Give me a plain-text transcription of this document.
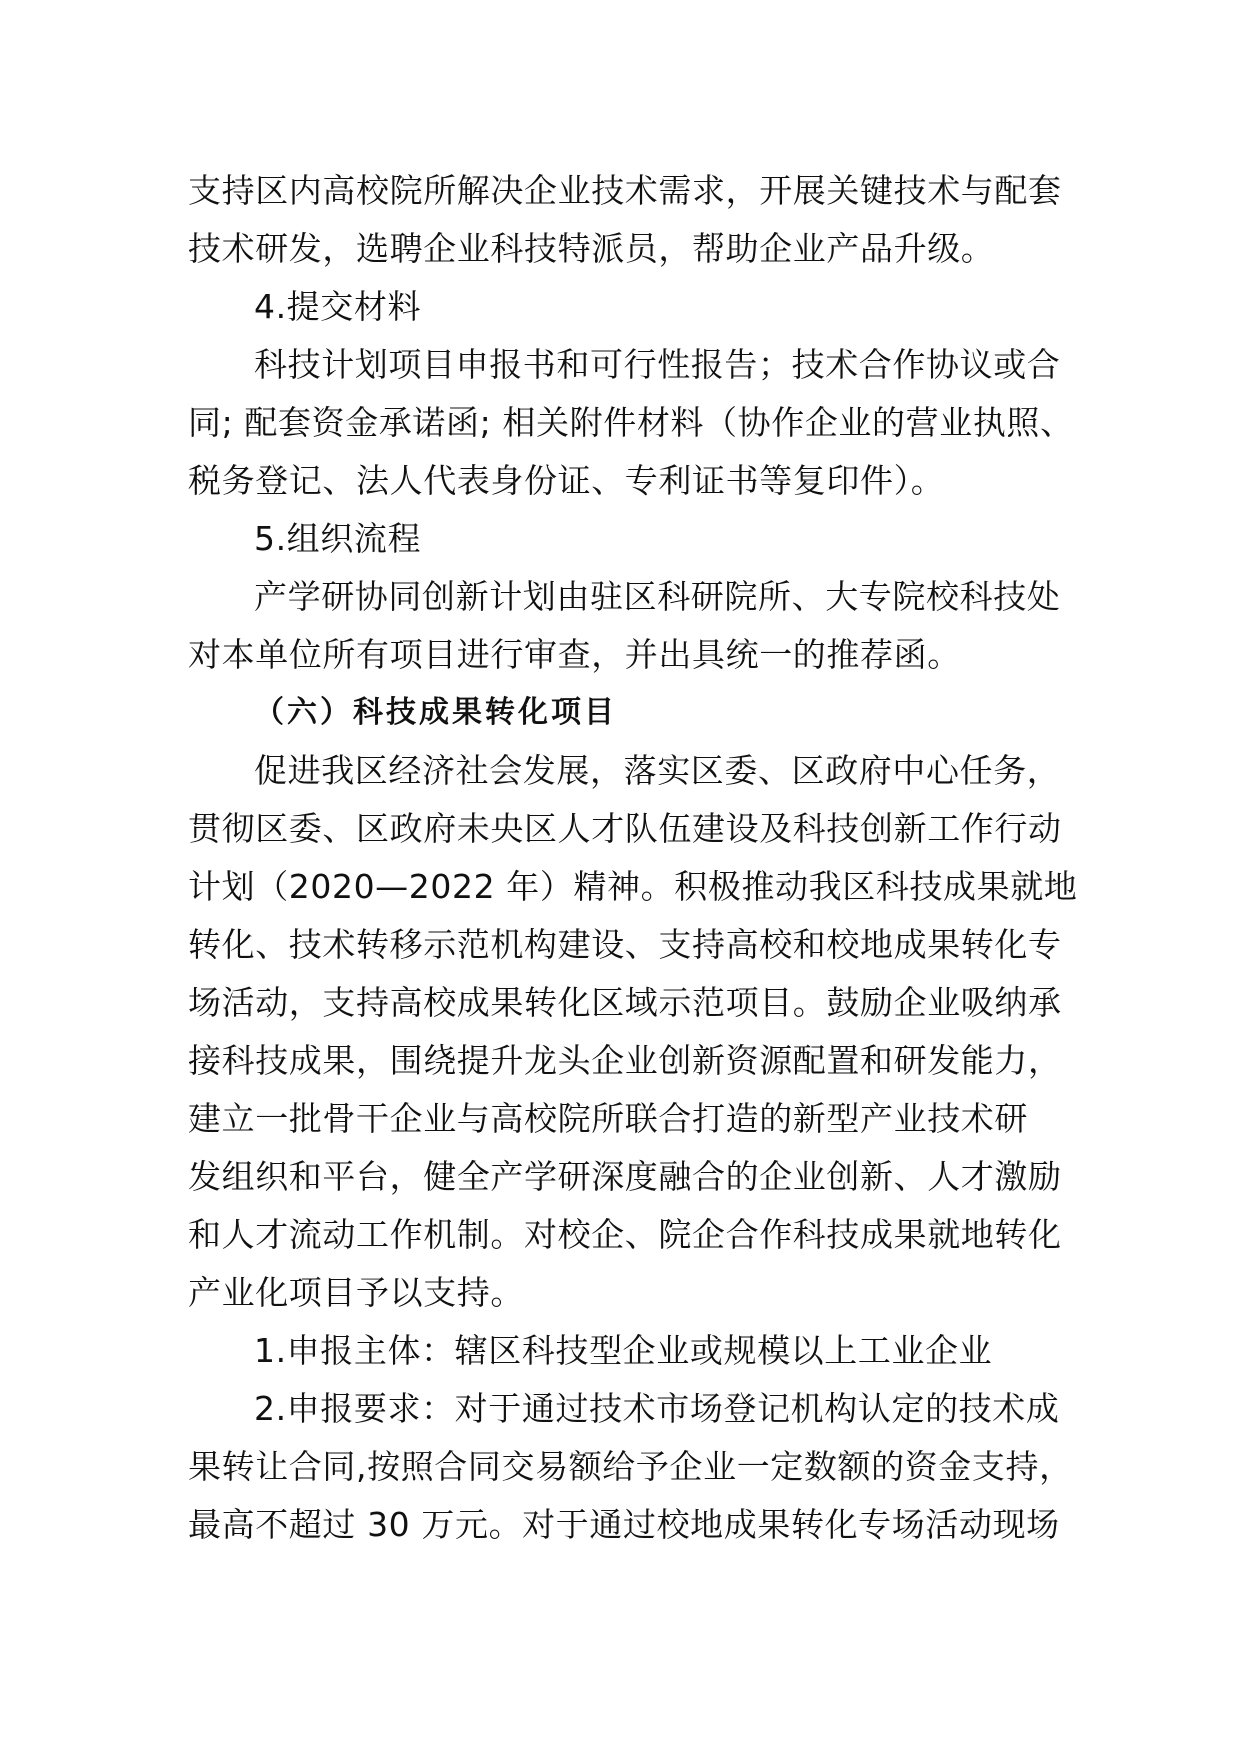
支持区内高校院所解决企业技术需求，开展关键技术与配套
技术研发，选聘企业科技特派员，帮助企业产品升级。
4.提交材料
科技计划项目申报书和可行性报告；技术合作协议或合
同; 配套资金承诺函; 相关附件材料（协作企业的营业执照、
税务登记、法人代表身份证、专利证书等复印件）。
5.组织流程
产学研协同创新计划由驻区科研院所、大专院校科技处
对本单位所有项目进行审查，并出具统一的推荐函。
（六）科技成果转化项目
促进我区经济社会发展，落实区委、区政府中心任务，
贯彻区委、区政府未央区人才队伍建设及科技创新工作行动
计划（2020—2022 年）精神。积极推动我区科技成果就地
转化、技术转移示范机构建设、支持高校和校地成果转化专
场活动，支持高校成果转化区域示范项目。鼓励企业吸纳承
接科技成果，围绕提升龙头企业创新资源配置和研发能力，
建立一批骨干企业与高校院所联合打造的新型产业技术研
发组织和平台，健全产学研深度融合的企业创新、人才激励
和人才流动工作机制。对校企、院企合作科技成果就地转化
产业化项目予以支持。
1.申报主体：辖区科技型企业或规模以上工业企业
2.申报要求：对于通过技术市场登记机构认定的技术成
果转让合同,按照合同交易额给予企业一定数额的资金支持，
最高不超过 30 万元。对于通过校地成果转化专场活动现场
